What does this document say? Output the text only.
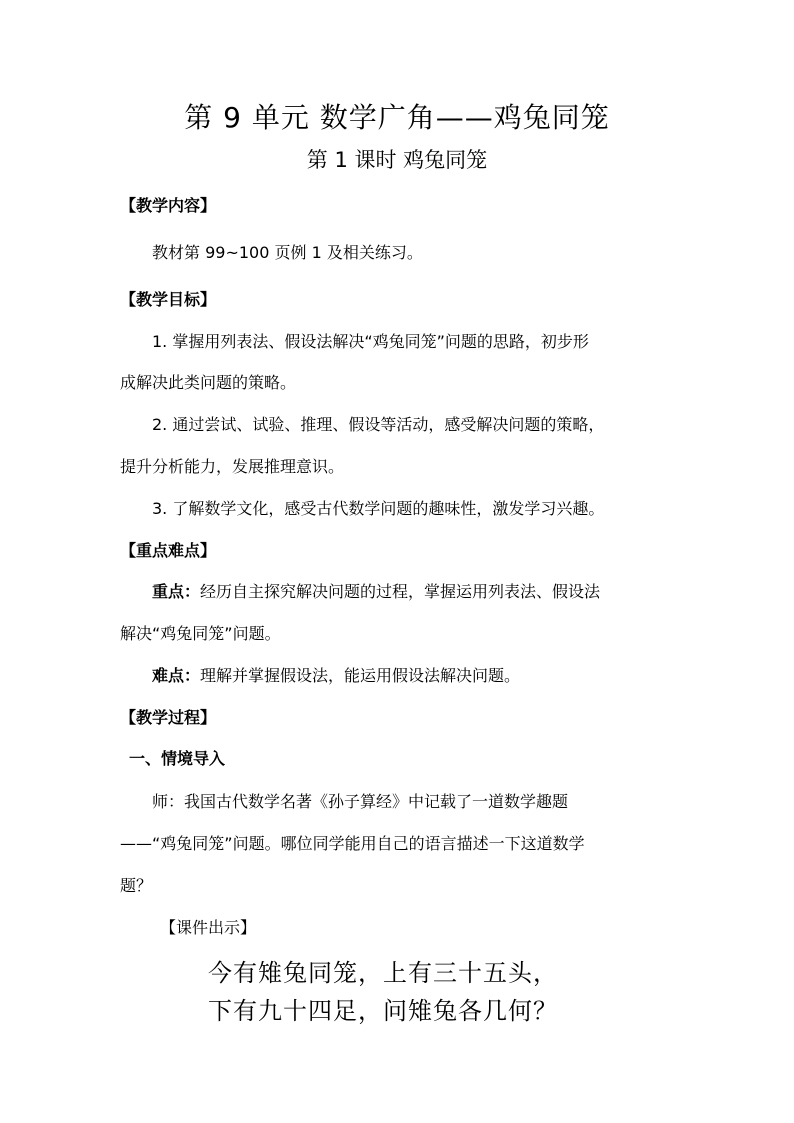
第 9 单元 数学广角——鸡兔同笼
第 1 课时 鸡兔同笼
【教学内容】
教材第 99~100 页例 1 及相关练习。
【教学目标】
1. 掌握用列表法、假设法解决“鸡兔同笼”问题的思路，初步形
成解决此类问题的策略。
2. 通过尝试、试验、推理、假设等活动，感受解决问题的策略，
提升分析能力，发展推理意识。
3. 了解数学文化，感受古代数学问题的趣味性，激发学习兴趣。
【重点难点】
重点：经历自主探究解决问题的过程，掌握运用列表法、假设法
解决“鸡兔同笼”问题。
难点：理解并掌握假设法，能运用假设法解决问题。
【教学过程】
一、情境导入
师：我国古代数学名著《孙子算经》中记载了一道数学趣题
——“鸡兔同笼”问题。哪位同学能用自己的语言描述一下这道数学
题？
【课件出示】
今有雉兔同笼，上有三十五头，
下有九十四足，问雉兔各几何？
